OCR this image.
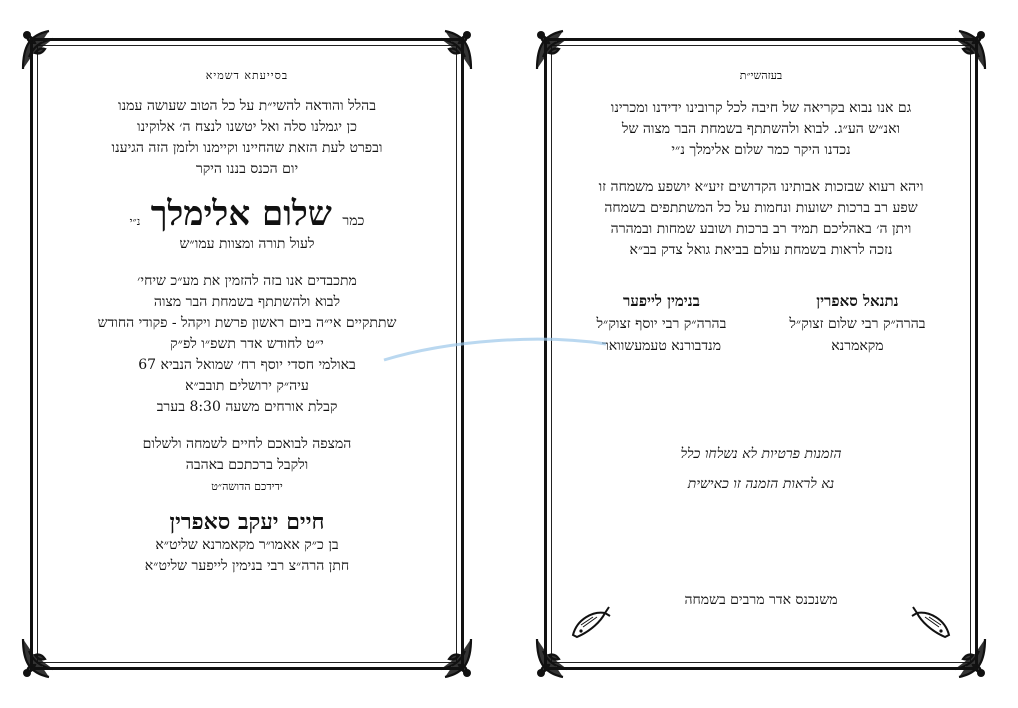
בסייעתא דשמיא
בהלל והודאה להשי״ת על כל הטוב שעושה עמנו
כן יגמלנו סלה ואל יטשנו לנצח ה׳ אלוקינו
ובפרט לעת הזאת שהחיינו וקיימנו ולזמן הזה הגיענו
יום הכנס בננו היקר
כמר שלום אלימלך נ״י
לעול תורה ומצוות עמו״ש
מתכבדים אנו בזה להזמין את מע״כ שיחי׳
לבוא ולהשתתף בשמחת הבר מצוה
שתתקיים אי״ה ביום ראשון פרשת ויקהל - פקודי החודש
י״ט לחודש אדר תשפ״ו לפ״ק
באולמי חסדי יוסף רח׳ שמואל הנביא 67
עיה״ק ירושלים תובב״א
קבלת אורחים משעה 8:30 בערב
המצפה לבואכם לחיים לשמחה ולשלום
ולקבל ברכתכם באהבה
ידידכם הדושה״ט
חיים יעקב סאפרין
בן כ״ק אאמו״ר מקאמרנא שליט״א
חתן הרה״צ רבי בנימין לייפער שליט״א
בעזהשי״ת
גם אנו נבוא בקריאה של חיבה לכל קרובינו ידידנו ומכרינו
ואנ״ש הע״ג. לבוא ולהשתתף בשמחת הבר מצוה של
נכדנו היקר כמר שלום אלימלך נ״י
ויהא רעוא שבזכות אבותינו הקדושים זיע״א יושפע משמחה זו
שפע רב ברכות ישועות ונחמות על כל המשתתפים בשמחה
ויתן ה׳ באהליכם תמיד רב ברכות ושובע שמחות ובמהרה
נזכה לראות בשמחת עולם בביאת גואל צדק בב״א
נתנאל סאפרין
בהרה״ק רבי שלום זצוק״ל
מקאמרנא
בנימין לייפער
בהרה״ק רבי יוסף זצוק״ל
מנדבורנא טעמעשוואר
הזמנות פרטיות לא נשלחו כלל
נא לראות הזמנה זו כאישית
משנכנס אדר מרבים בשמחה
